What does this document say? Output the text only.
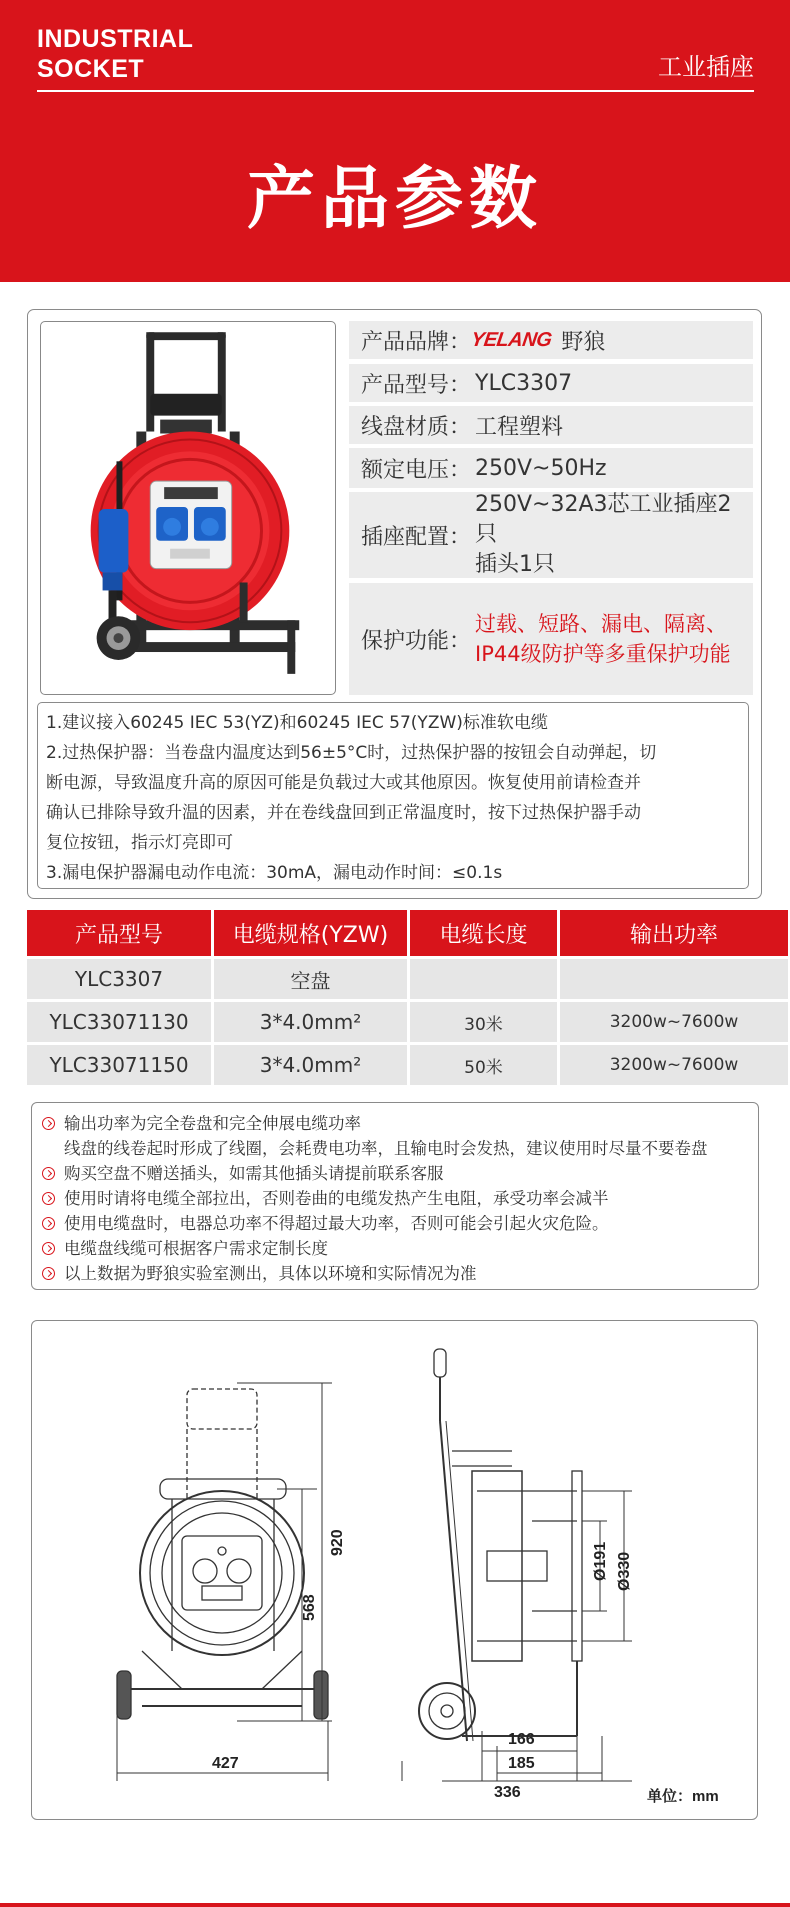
INDUSTRIAL
SOCKET	工业插座
产品参数
产品品牌：
YELANG 野狼
产品型号： YLC3307
线盘材质： 工程塑料
额定电压： 250V~50Hz
插座配置：
250V~32A3芯工业插座2只
插头1只
保护功能：
过载、短路、漏电、隔离、
IP44级防护等多重保护功能
1.建议接入60245 IEC 53(YZ)和60245 IEC 57(YZW)标准软电缆
2.过热保护器：当卷盘内温度达到56±5°C时，过热保护器的按钮会自动弹起，切
断电源，导致温度升高的原因可能是负载过大或其他原因。恢复使用前请检查并
确认已排除导致升温的因素，并在卷线盘回到正常温度时，按下过热保护器手动
复位按钮，指示灯亮即可
3.漏电保护器漏电动作电流：30mA，漏电动作时间：≤0.1s
产品型号	电缆规格(YZW)	电缆长度	输出功率
YLC3307	空盘
YLC33071130	3*4.0mm²	30米	3200w~7600w
YLC33071150	3*4.0mm²	50米	3200w~7600w
输出功率为完全卷盘和完全伸展电缆功率
线盘的线卷起时形成了线圈，会耗费电功率，且输电时会发热，建议使用时尽量不要卷盘
购买空盘不赠送插头，如需其他插头请提前联系客服
使用时请将电缆全部拉出，否则卷曲的电缆发热产生电阻，承受功率会减半
使用电缆盘时，电器总功率不得超过最大功率，否则可能会引起火灾危险。
电缆盘线缆可根据客户需求定制长度
以上数据为野狼实验室测出，具体以环境和实际情况为准
920
568
427
Ø191 Ø330
166
185
336	单位：mm
